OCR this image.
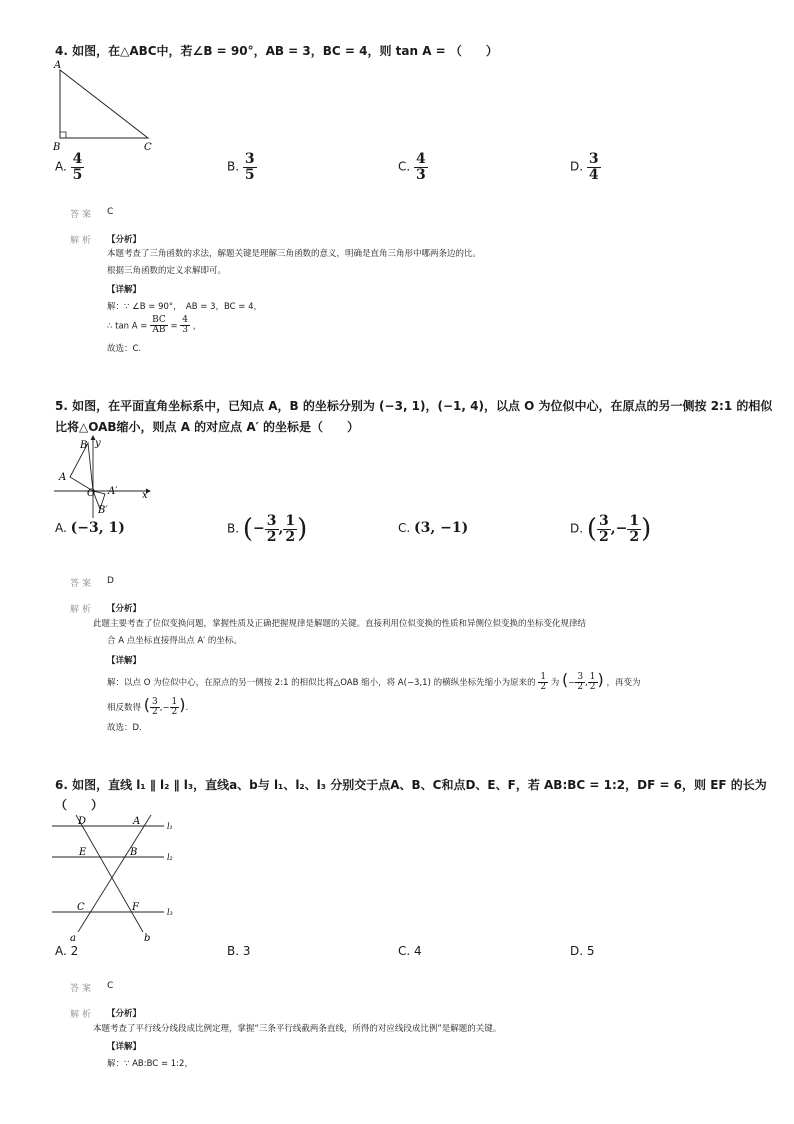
4. 如图，在△ABC中，若∠B = 90°，AB = 3，BC = 4，则 tan A = （　　）
A
B	C
A. $\frac{4}{5}$	B. $\frac{3}{5}$	C. $\frac{4}{3}$	D. $\frac{3}{4}$
答案 C
解析 【分析】
本题考查了三角函数的求法，解题关键是理解三角函数的意义，明确是直角三角形中哪两条边的比。
根据三角函数的定义求解即可。
【详解】
解：∵ ∠B = 90°，　AB = 3，BC = 4，
∴ $\tan A = \frac{BC}{AB} = \frac{4}{3}$ ，
故选：C.
5. 如图，在平面直角坐标系中，已知点 A，B 的坐标分别为 (−3, 1)，(−1, 4)，以点 O 为位似中心，在原点的另一侧按 2:1 的相似
比将△OAB缩小，则点 A 的对应点 A′ 的坐标是（　　）
B y
A
O A′
B′
x
A. (−3, 1)	B. (− $\frac{3}{2}$ , $\frac{1}{2}$ )	C. (3, −1)	D. ( $\frac{3}{2}$ ,− $\frac{1}{2}$ )
答案 D
解析 【分析】
此题主要考查了位似变换问题，掌握性质及正确把握规律是解题的关键。直接利用位似变换的性质和异侧位似变换的坐标变化规律结
合 A 点坐标直接得出点 A′ 的坐标。
【详解】
解：以点 O 为位似中心，在原点的另一侧按 2:1 的相似比将△OAB 缩小，将 A(−3,1) 的横纵坐标先缩小为原来的 $\frac{1}{2}$ 为 (− $\frac{3}{2}$ , $\frac{1}{2}$ ) ，再变为
相反数得 ( $\frac{3}{2}$ ,− $\frac{1}{2}$ ).
故选：D.
6. 如图，直线 l₁ ∥ l₂ ∥ l₃，直线a、b与 l₁、l₂、l₃ 分别交于点A、B、C和点D、E、F，若 AB:BC = 1:2，DF = 6，则 EF 的长为
（　　）
D	A
E	B
C	F
a	b
l₁
l₂
l₃
A. 2	B. 3	C. 4	D. 5
答案 C
解析 【分析】
本题考查了平行线分线段成比例定理，掌握“三条平行线截两条直线，所得的对应线段成比例”是解题的关键。
【详解】
解：∵ AB:BC = 1:2，
